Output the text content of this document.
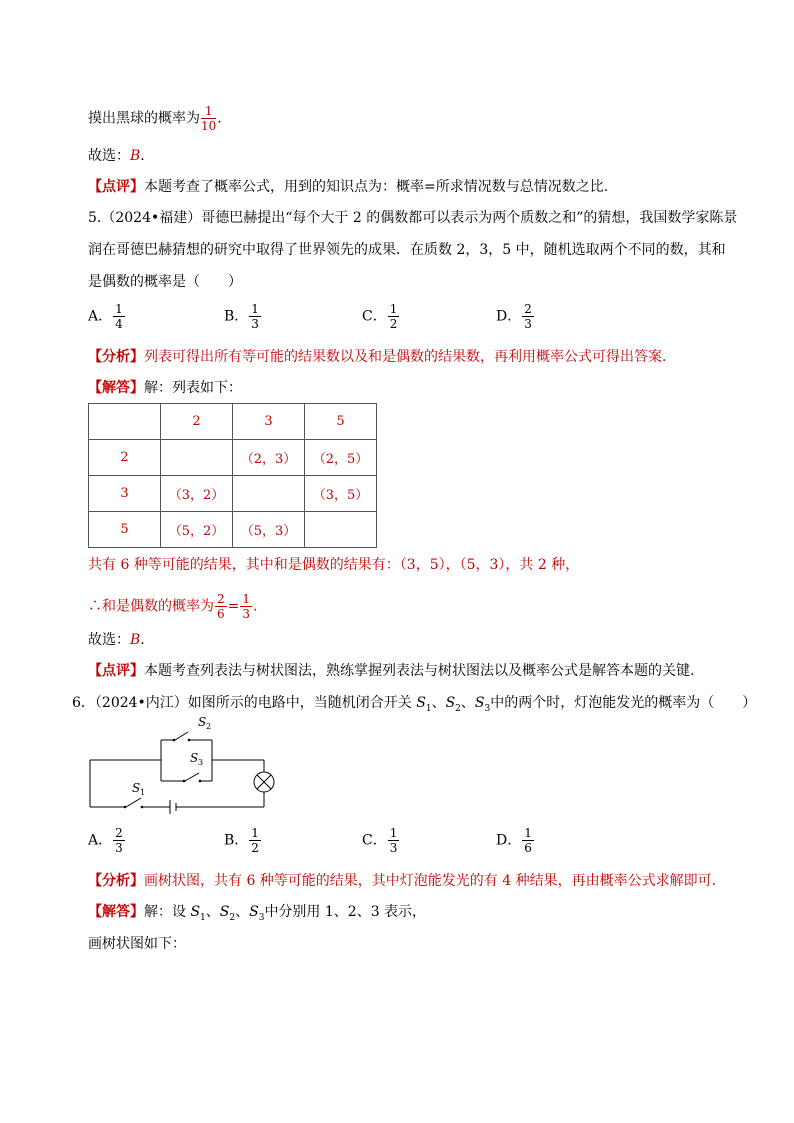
摸出黑球的概率为 $\frac{1}{10}$ .
故选：B.
【点评】本题考查了概率公式，用到的知识点为：概率=所求情况数与总情况数之比.
5.（2024•福建）哥德巴赫提出“每个大于 2 的偶数都可以表示为两个质数之和”的猜想，我国数学家陈景
润在哥德巴赫猜想的研究中取得了世界领先的成果．在质数 2，3，5 中，随机选取两个不同的数，其和
是偶数的概率是（　　）
A． $\frac{1}{4}$	B． $\frac{1}{3}$	C． $\frac{1}{2}$	D． $\frac{2}{3}$
【分析】列表可得出所有等可能的结果数以及和是偶数的结果数，再利用概率公式可得出答案．
【解答】解：列表如下：
	2	3	5
2		（2，3）	（2，5）
3	（3，2）		（3，5）
5	（5，2）	（5，3）	
共有 6 种等可能的结果，其中和是偶数的结果有：（3，5），（5，3），共 2 种，
∴和是偶数的概率为 $\frac{2}{6} = \frac{1}{3}$ .
故选：B.
【点评】本题考查列表法与树状图法，熟练掌握列表法与树状图法以及概率公式是解答本题的关键.
6．（2024•内江）如图所示的电路中，当随机闭合开关 $S_1$、$S_2$、$S_3$中的两个时，灯泡能发光的概率为（　　）
S 2
S 3
S 1
A． $\frac{2}{3}$	B． $\frac{1}{2}$	C． $\frac{1}{3}$	D． $\frac{1}{6}$
【分析】画树状图，共有 6 种等可能的结果，其中灯泡能发光的有 4 种结果，再由概率公式求解即可．
【解答】解：设 $S_1$、$S_2$、$S_3$中分别用 1、2、3 表示，
画树状图如下：
